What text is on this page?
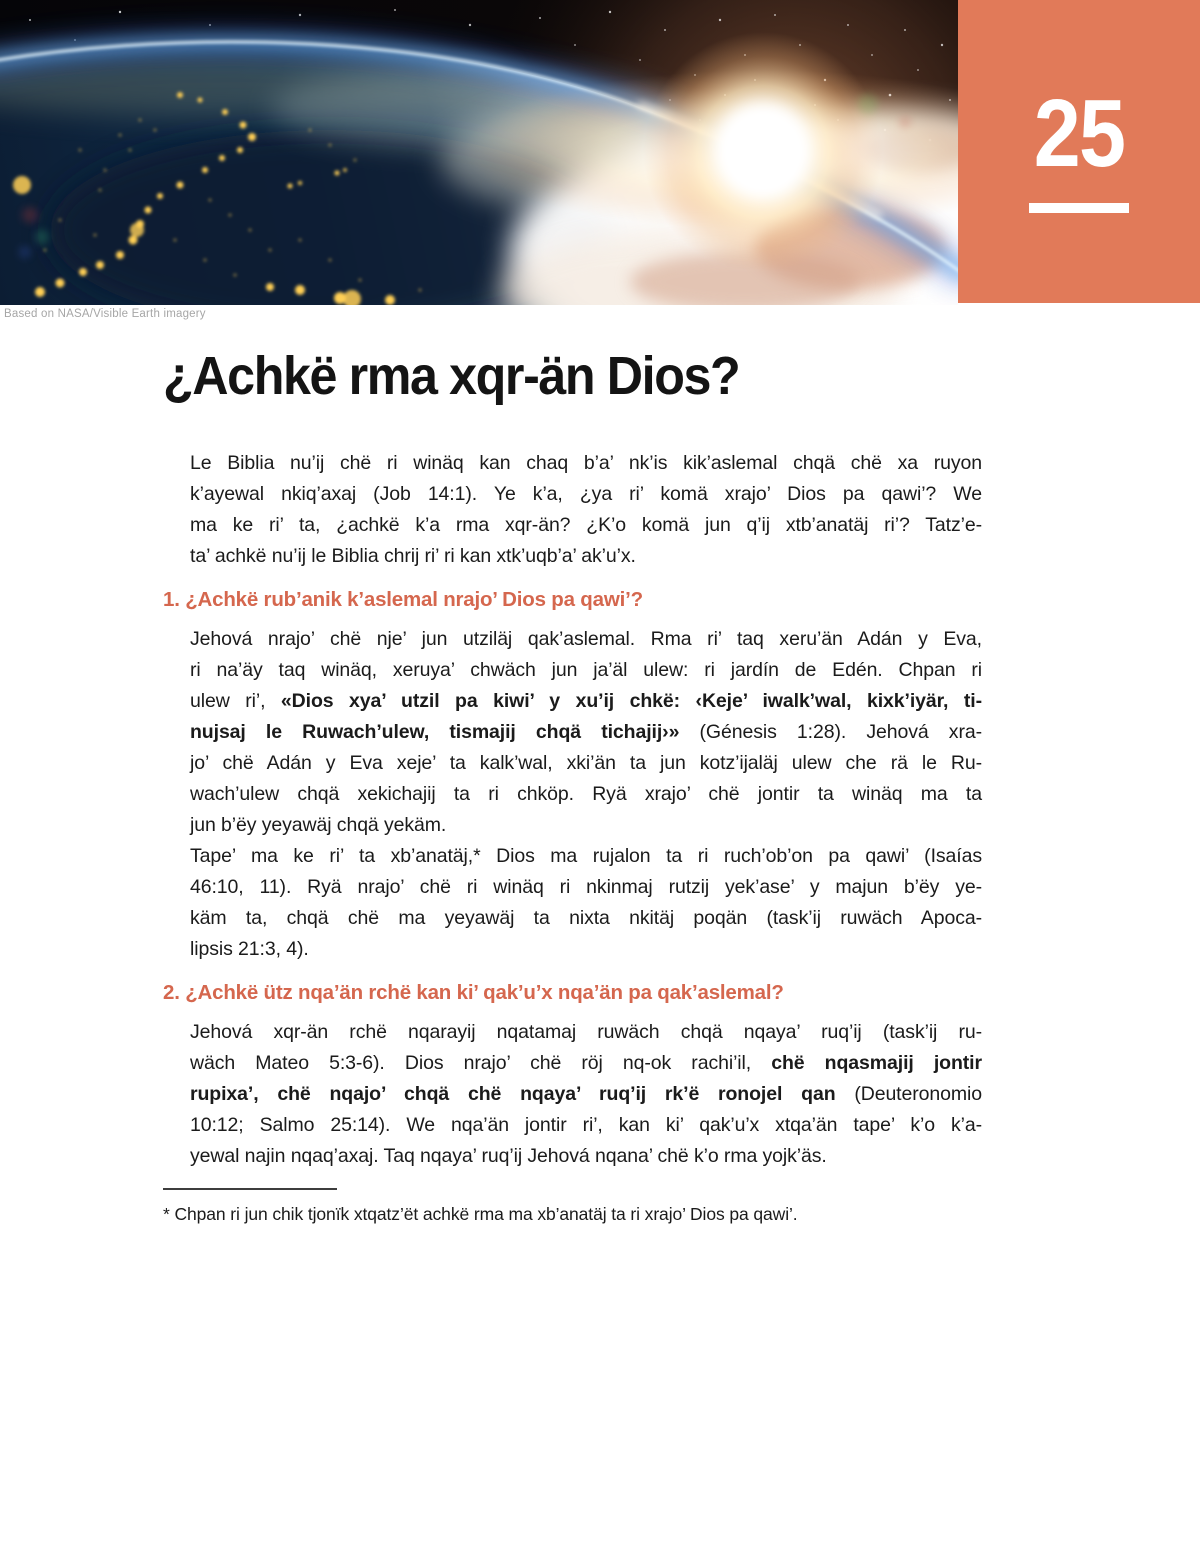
25
Based on NASA/Visible Earth imagery
¿Achkë rma xqr-än Dios?
Le Biblia nu’ij chë ri winäq kan chaq b’a’ nk’is kik’aslemal chqä chë xa ruyon
k’ayewal nkiq’axaj (Job 14:1). Ye k’a, ¿ya ri’ komä xrajo’ Dios pa qawi’? We
ma ke ri’ ta, ¿achkë k’a rma xqr-än? ¿K’o komä jun q’ij xtb’anatäj ri’? Tatz’e-
ta’ achkë nu’ij le Biblia chrij ri’ ri kan xtk’uqb’a’ ak’u’x.
1. ¿Achkë rub’anik k’aslemal nrajo’ Dios pa qawi’?
Jehová nrajo’ chë nje’ jun utziläj qak’aslemal. Rma ri’ taq xeru’än Adán y Eva,
ri na’äy taq winäq, xeruya’ chwäch jun ja’äl ulew: ri jardín de Edén. Chpan ri
ulew ri’, «Dios xya’ utzil pa kiwi’ y xu’ij chkë: ‹Keje’ iwalk’wal, kixk’iyär, ti-
nujsaj le Ruwach’ulew, tismajij chqä tichajij›» (Génesis 1:28). Jehová xra-
jo’ chë Adán y Eva xeje’ ta kalk’wal, xki’än ta jun kotz’ijaläj ulew che rä le Ru-
wach’ulew chqä xekichajij ta ri chköp. Ryä xrajo’ chë jontir ta winäq ma ta
jun b’ëy yeyawäj chqä yekäm.
Tape’ ma ke ri’ ta xb’anatäj,* Dios ma rujalon ta ri ruch’ob’on pa qawi’ (Isaías
46:10, 11). Ryä nrajo’ chë ri winäq ri nkinmaj rutzij yek’ase’ y majun b’ëy ye-
käm ta, chqä chë ma yeyawäj ta nixta nkitäj poqän (task’ij ruwäch Apoca-
lipsis 21:3, 4).
2. ¿Achkë ütz nqa’än rchë kan ki’ qak’u’x nqa’än pa qak’aslemal?
Jehová xqr-än rchë nqarayij nqatamaj ruwäch chqä nqaya’ ruq’ij (task’ij ru-
wäch Mateo 5:3-6). Dios nrajo’ chë röj nq-ok rachi’il, chë nqasmajij jontir
rupixa’, chë nqajo’ chqä chë nqaya’ ruq’ij rk’ë ronojel qan (Deuteronomio
10:12; Salmo 25:14). We nqa’än jontir ri’, kan ki’ qak’u’x xtqa’än tape’ k’o k’a-
yewal najin nqaq’axaj. Taq nqaya’ ruq’ij Jehová nqana’ chë k’o rma yojk’äs.
* Chpan ri jun chik tjonïk xtqatz’ët achkë rma ma xb’anatäj ta ri xrajo’ Dios pa qawi’.
